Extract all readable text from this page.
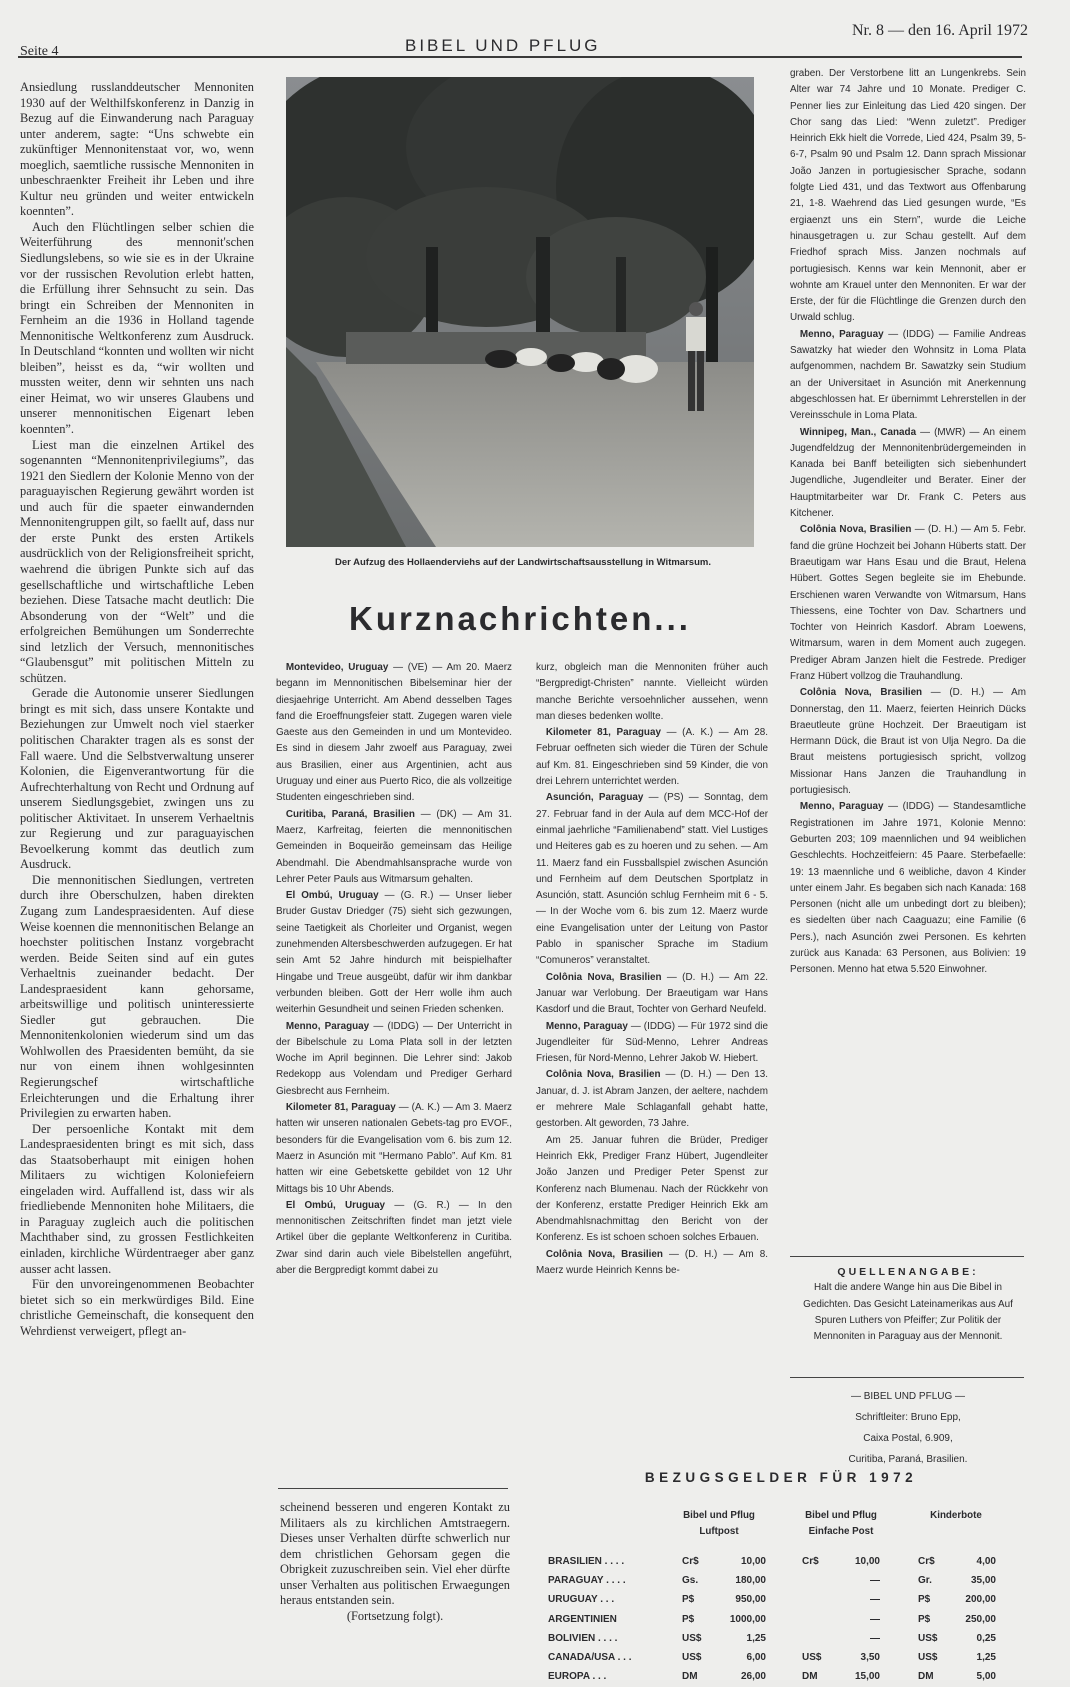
Seite 4	BIBEL UND PFLUG
Nr. 8 — den 16. April 1972

Ansiedlung russlanddeutscher Mennoniten 1930 auf der Welthilfskonferenz in Danzig in Bezug auf die Einwanderung nach Paraguay unter anderem, sagte: “Uns schwebte ein zukünftiger Mennonitenstaat vor, wo, wenn moeglich, saemtliche russische Mennoniten in unbeschraenkter Freiheit ihr Leben und ihre Kultur neu gründen und weiter entwickeln koennten”.

Auch den Flüchtlingen selber schien die Weiterführung des mennonit'schen Siedlungslebens, so wie sie es in der Ukraine vor der russischen Revolution erlebt hatten, die Erfüllung ihrer Sehnsucht zu sein. Das bringt ein Schreiben der Mennoniten in Fernheim an die 1936 in Holland tagende Mennonitische Weltkonferenz zum Ausdruck. In Deutschland “konnten und wollten wir nicht bleiben”, heisst es da, “wir wollten und mussten weiter, denn wir sehnten uns nach einer Heimat, wo wir unseres Glaubens und unserer mennonitischen Eigenart leben koennten”.

Liest man die einzelnen Artikel des sogenannten “Mennonitenprivilegiums”, das 1921 den Siedlern der Kolonie Menno von der paraguayischen Regierung gewährt worden ist und auch für die spaeter einwandernden Mennonitengruppen gilt, so faellt auf, dass nur der erste Punkt des ersten Artikels ausdrücklich von der Religionsfreiheit spricht, waehrend die übrigen Punkte sich auf das gesellschaftliche und wirtschaftliche Leben beziehen. Diese Tatsache macht deutlich: Die Absonderung von der “Welt” und die erfolgreichen Bemühungen um Sonderrechte sind letzlich der Versuch, mennonitisches “Glaubensgut” mit politischen Mitteln zu schützen.

Gerade die Autonomie unserer Siedlungen bringt es mit sich, dass unsere Kontakte und Beziehungen zur Umwelt noch viel staerker politischen Charakter tragen als es sonst der Fall waere. Und die Selbstverwaltung unserer Kolonien, die Eigenverantwortung für die Aufrechterhaltung von Recht und Ordnung auf unserem Siedlungsgebiet, zwingen uns zu politischer Aktivitaet. In unserem Verhaeltnis zur Regierung und zur paraguayischen Bevoelkerung kommt das deutlich zum Ausdruck.

Die mennonitischen Siedlungen, vertreten durch ihre Oberschulzen, haben direkten Zugang zum Landespraesidenten. Auf diese Weise koennen die mennonitischen Belange an hoechster politischen Instanz vorgebracht werden. Beide Seiten sind auf ein gutes Verhaeltnis zueinander bedacht. Der Landespraesident kann gehorsame, arbeitswillige und politisch uninteressierte Siedler gut gebrauchen. Die Mennonitenkolonien wiederum sind um das Wohlwollen des Praesidenten bemüht, da sie nur von einem ihnen wohlgesinnten Regierungschef wirtschaftliche Erleichterungen und die Erhaltung ihrer Privilegien zu erwarten haben.

Der persoenliche Kontakt mit dem Landespraesidenten bringt es mit sich, dass das Staatsoberhaupt mit einigen hohen Militaers zu wichtigen Koloniefeiern eingeladen wird. Auffallend ist, dass wir als friedliebende Mennoniten hohe Militaers, die in Paraguay zugleich auch die politischen Machthaber sind, zu grossen Festlichkeiten einladen, kirchliche Würdentraeger aber ganz ausser acht lassen.

Für den unvoreingenommenen Beobachter bietet sich so ein merkwürdiges Bild. Eine christliche Gemeinschaft, die konsequent den Wehrdienst verweigert, pflegt an-

Der Aufzug des Hollaenderviehs auf der Landwirtschaftsausstellung in Witmarsum.
Kurznachrichten...

 Montevideo, Uruguay — (VE) — Am 20. Maerz begann im Mennonitischen Bibelseminar hier der diesjaehrige Unterricht. Am Abend desselben Tages fand die Eroeffnungsfeier statt. Zugegen waren viele Gaeste aus den Gemeinden in und um Montevideo. Es sind in diesem Jahr zwoelf aus Paraguay, zwei aus Brasilien, einer aus Argentinien, acht aus Uruguay und einer aus Puerto Rico, die als vollzeitige Studenten eingeschrieben sind.

 Curitiba, Paraná, Brasilien — (DK) — Am 31. Maerz, Karfreitag, feierten die mennonitischen Gemeinden in Boqueirão gemeinsam das Heilige Abendmahl. Die Abendmahlsansprache wurde von Lehrer Peter Pauls aus Witmarsum gehalten.

 El Ombú, Uruguay — (G. R.) — Unser lieber Bruder Gustav Driedger (75) sieht sich gezwungen, seine Taetigkeit als Chorleiter und Organist, wegen zunehmenden Altersbeschwerden aufzugegen. Er hat sein Amt 52 Jahre hindurch mit beispielhafter Hingabe und Treue ausgeübt, dafür wir ihm dankbar verbunden bleiben. Gott der Herr wolle ihm auch weiterhin Gesundheit und seinen Frieden schenken.

 Menno, Paraguay — (IDDG) — Der Unterricht in der Bibelschule zu Loma Plata soll in der letzten Woche im April beginnen. Die Lehrer sind: Jakob Redekopp aus Volendam und Prediger Gerhard Giesbrecht aus Fernheim.

 Kilometer 81, Paraguay — (A. K.) — Am 3. Maerz hatten wir unseren nationalen Gebets-tag pro EVOF., besonders für die Evangelisation vom 6. bis zum 12. Maerz in Asunción mit “Hermano Pablo”. Auf Km. 81 hatten wir eine Gebetskette gebildet von 12 Uhr Mittags bis 10 Uhr Abends.

 El Ombú, Uruguay — (G. R.) — In den mennonitischen Zeitschriften findet man jetzt viele Artikel über die geplante Weltkonferenz in Curitiba. Zwar sind darin auch viele Bibelstellen angeführt, aber die Bergpredigt kommt dabei zu

scheinend besseren und engeren Kontakt zu Militaers als zu kirchlichen Amtstraegern. Dieses unser Verhalten dürfte schwerlich nur dem christlichen Gehorsam gegen die Obrigkeit zuzuschreiben sein. Viel eher dürfte unser Verhalten aus politischen Erwaegungen heraus entstanden sein.

(Fortsetzung folgt).

kurz, obgleich man die Mennoniten früher auch “Bergpredigt-Christen” nannte. Vielleicht würden manche Berichte versoehnlicher aussehen, wenn man dieses bedenken wollte.

 Kilometer 81, Paraguay — (A. K.) — Am 28. Februar oeffneten sich wieder die Türen der Schule auf Km. 81. Eingeschrieben sind 59 Kinder, die von drei Lehrern unterrichtet werden.

 Asunción, Paraguay — (PS) — Sonntag, dem 27. Februar fand in der Aula auf dem MCC-Hof der einmal jaehrliche “Familienabend” statt. Viel Lustiges und Heiteres gab es zu hoeren und zu sehen. — Am 11. Maerz fand ein Fussballspiel zwischen Asunción und Fernheim auf dem Deutschen Sportplatz in Asunción, statt. Asunción schlug Fernheim mit 6 - 5. — In der Woche vom 6. bis zum 12. Maerz wurde eine Evangelisation unter der Leitung von Pastor Pablo in spanischer Sprache im Stadium “Comuneros” veranstaltet.

 Colônia Nova, Brasilien — (D. H.) — Am 22. Januar war Verlobung. Der Braeutigam war Hans Kasdorf und die Braut, Tochter von Gerhard Neufeld.

 Menno, Paraguay — (IDDG) — Für 1972 sind die Jugendleiter für Süd-Menno, Lehrer Andreas Friesen, für Nord-Menno, Lehrer Jakob W. Hiebert.

 Colônia Nova, Brasilien — (D. H.) — Den 13. Januar, d. J. ist Abram Janzen, der aeltere, nachdem er mehrere Male Schlaganfall gehabt hatte, gestorben. Alt geworden, 73 Jahre.

 Am 25. Januar fuhren die Brüder, Prediger Heinrich Ekk, Prediger Franz Hübert, Jugendleiter João Janzen und Prediger Peter Spenst zur Konferenz nach Blumenau. Nach der Rückkehr von der Konferenz, erstatte Prediger Heinrich Ekk am Abendmahlsnachmittag den Bericht von der Konferenz. Es ist schoen schoen solches Erbauen.

 Colônia Nova, Brasilien — (D. H.) — Am 8. Maerz wurde Heinrich Kenns be-

graben. Der Verstorbene litt an Lungenkrebs. Sein Alter war 74 Jahre und 10 Monate. Prediger C. Penner lies zur Einleitung das Lied 420 singen. Der Chor sang das Lied: “Wenn zuletzt”. Prediger Heinrich Ekk hielt die Vorrede, Lied 424, Psalm 39, 5-6-7, Psalm 90 und Psalm 12. Dann sprach Missionar João Janzen in portugiesischer Sprache, sodann folgte Lied 431, und das Textwort aus Offenbarung 21, 1-8. Waehrend das Lied gesungen wurde, “Es ergiaenzt uns ein Stern”, wurde die Leiche hinausgetragen u. zur Schau gestellt. Auf dem Friedhof sprach Miss. Janzen nochmals auf portugiesisch. Kenns war kein Mennonit, aber er wohnte am Krauel unter den Mennoniten. Er war der Erste, der für die Flüchtlinge die Grenzen durch den Urwald schlug.

 Menno, Paraguay — (IDDG) — Familie Andreas Sawatzky hat wieder den Wohnsitz in Loma Plata aufgenommen, nachdem Br. Sawatzky sein Studium an der Universitaet in Asunción mit Anerkennung abgeschlossen hat. Er übernimmt Lehrerstellen in der Vereinsschule in Loma Plata.

 Winnipeg, Man., Canada — (MWR) — An einem Jugendfeldzug der Mennonitenbrüdergemeinden in Kanada bei Banff beteiligten sich siebenhundert Jugendliche, Jugendleiter und Berater. Einer der Hauptmitarbeiter war Dr. Frank C. Peters aus Kitchener.

 Colônia Nova, Brasilien — (D. H.) — Am 5. Febr. fand die grüne Hochzeit bei Johann Hüberts statt. Der Braeutigam war Hans Esau und die Braut, Helena Hübert. Gottes Segen begleite sie im Ehebunde. Erschienen waren Verwandte von Witmarsum, Hans Thiessens, eine Tochter von Dav. Schartners und Tochter von Heinrich Kasdorf. Abram Loewens, Witmarsum, waren in dem Moment auch zugegen. Prediger Abram Janzen hielt die Festrede. Prediger Franz Hübert vollzog die Trauhandlung.

 Colônia Nova, Brasilien — (D. H.) — Am Donnerstag, den 11. Maerz, feierten Heinrich Dücks Braeutleute grüne Hochzeit. Der Braeutigam ist Hermann Dück, die Braut ist von Ulja Negro. Da die Braut meistens portugiesisch spricht, vollzog Missionar Hans Janzen die Trauhandlung in portugiesisch.

 Menno, Paraguay — (IDDG) — Standesamtliche Registrationen im Jahre 1971, Kolonie Menno: Geburten 203; 109 maennlichen und 94 weiblichen Geschlechts. Hochzeitfeiern: 45 Paare. Sterbefaelle: 19: 13 maennliche und 6 weibliche, davon 4 Kinder unter einem Jahr. Es begaben sich nach Kanada: 168 Personen (nicht alle um unbedingt dort zu bleiben); es siedelten über nach Caaguazu; eine Familie (6 Pers.), nach Asunción zwei Personen. Es kehrten zurück aus Kanada: 63 Personen, aus Bolivien: 19 Personen. Menno hat etwa 5.520 Einwohner.

QUELLENANGABE:
Halt die andere Wange hin aus Die Bibel in Gedichten. Das Gesicht Lateinamerikas aus Auf Spuren Luthers von Pfeiffer; Zur Politik der Mennoniten in Paraguay aus der Mennonit.
— BIBEL UND PFLUG —
Schriftleiter: Bruno Epp,
Caixa Postal, 6.909,
Curitiba, Paraná, Brasilien.
BEZUGSGELDER FÜR 1972
Bibel und Pflug
Luftpost
Bibel und Pflug
Einfache Post
Kinderbote
BRASILIEN . . . .	Cr$	10,00	Cr$	10,00	Cr$	4,00
PARAGUAY . . . .	Gs.	180,00	—	Gr.	35,00
URUGUAY . . .	P$	950,00	—	P$	200,00
ARGENTINIEN	P$	1000,00	—	P$	250,00
BOLIVIEN . . . .	US$	1,25	—	US$	0,25
CANADA/USA . . .	US$	6,00	US$	3,50	US$	1,25
EUROPA . . .	DM	26,00	DM	15,00	DM	5,00
